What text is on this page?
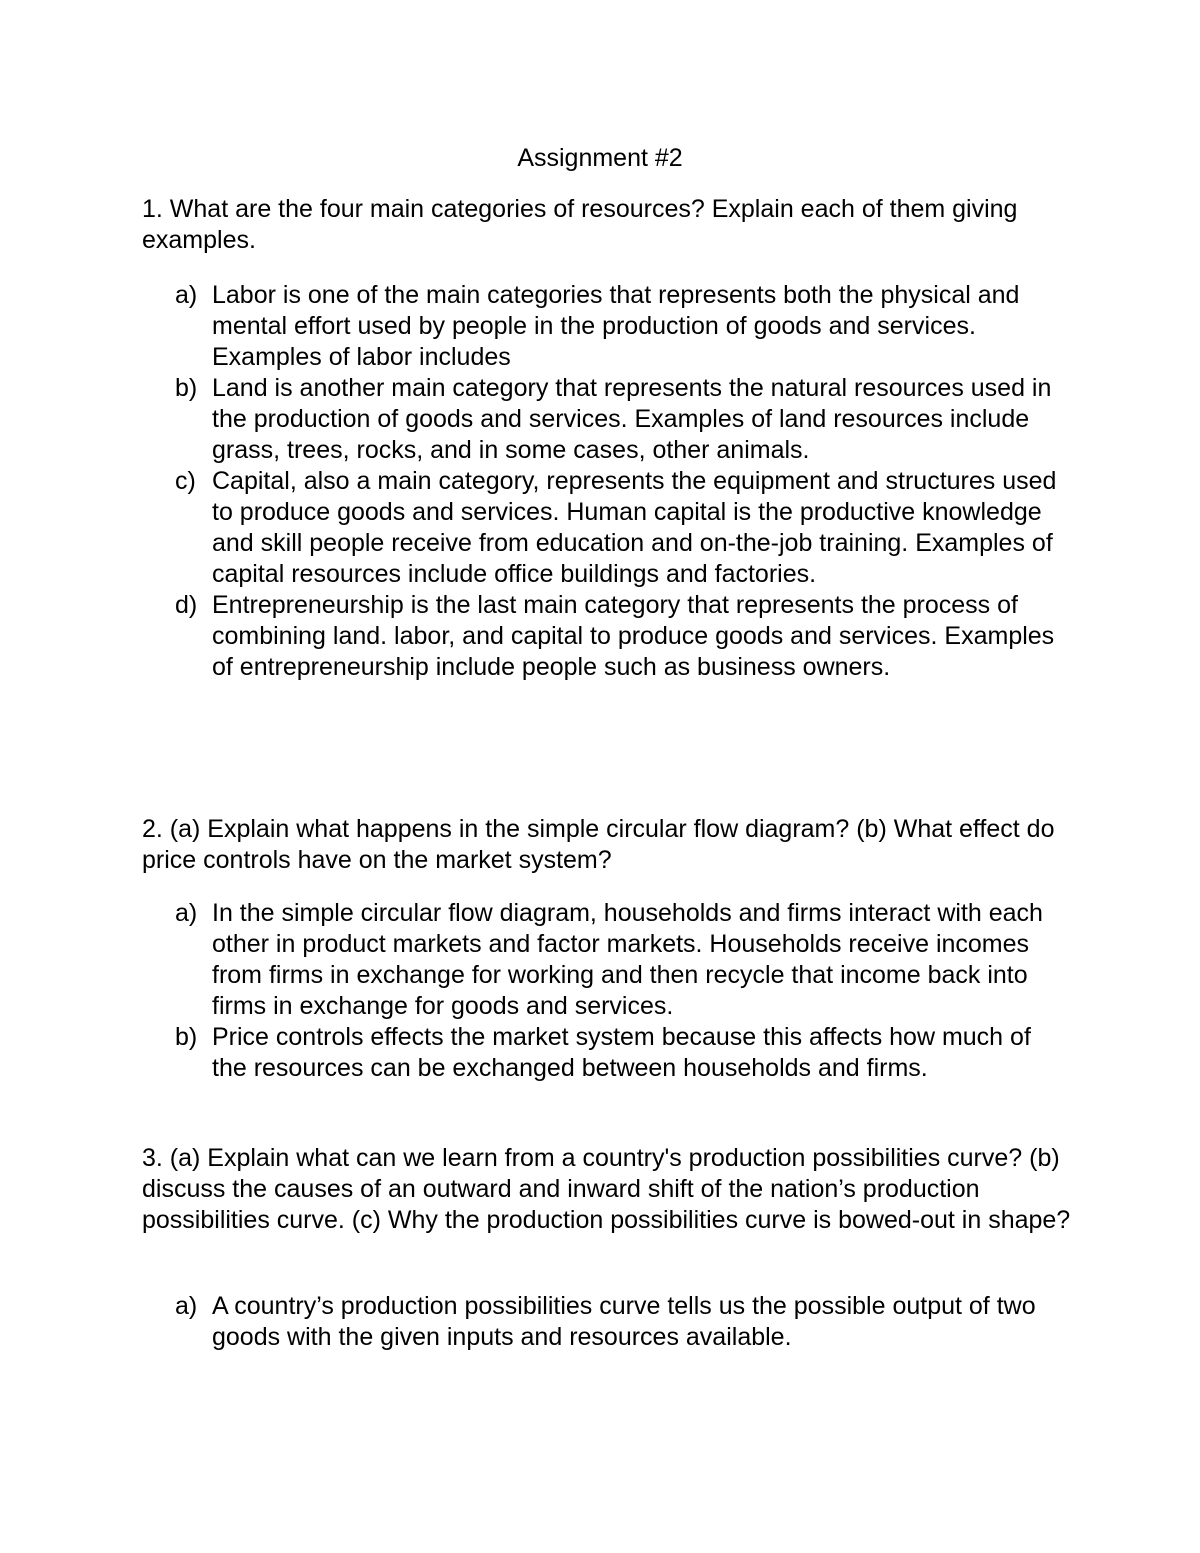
Assignment #2

1. What are the four main categories of resources? Explain each of them giving examples.

a) Labor is one of the main categories that represents both the physical and mental effort used by people in the production of goods and services. Examples of labor includes
b) Land is another main category that represents the natural resources used in the production of goods and services. Examples of land resources include grass, trees, rocks, and in some cases, other animals.
c) Capital, also a main category, represents the equipment and structures used to produce goods and services. Human capital is the productive knowledge and skill people receive from education and on-the-job training. Examples of capital resources include office buildings and factories.
d) Entrepreneurship is the last main category that represents the process of combining land. labor, and capital to produce goods and services. Examples of entrepreneurship include people such as business owners.

2. (a) Explain what happens in the simple circular flow diagram? (b) What effect do price controls have on the market system?

a) In the simple circular flow diagram, households and firms interact with each other in product markets and factor markets. Households receive incomes from firms in exchange for working and then recycle that income back into firms in exchange for goods and services.
b) Price controls effects the market system because this affects how much of the resources can be exchanged between households and firms.

3. (a) Explain what can we learn from a country's production possibilities curve? (b) discuss the causes of an outward and inward shift of the nation’s production possibilities curve. (c) Why the production possibilities curve is bowed-out in shape?

a) A country’s production possibilities curve tells us the possible output of two goods with the given inputs and resources available.
